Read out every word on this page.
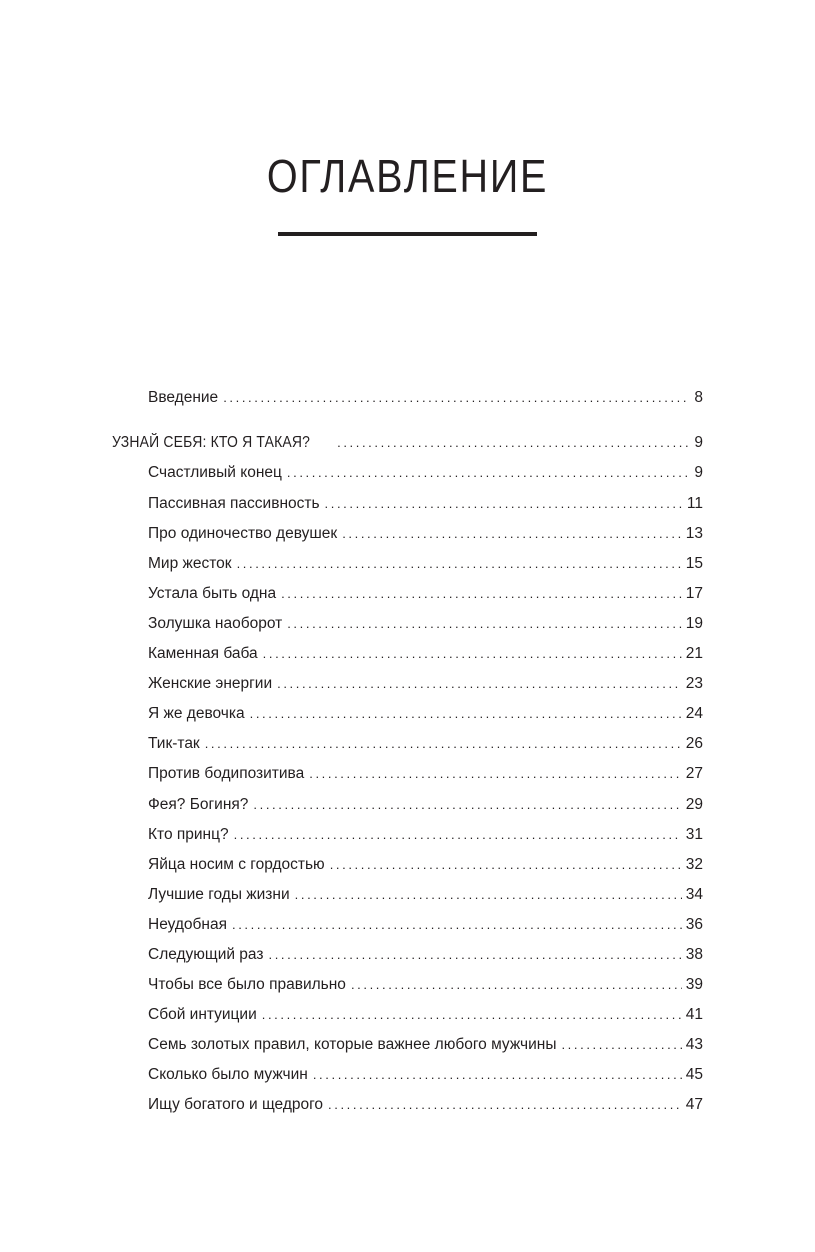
ОГЛАВЛЕНИЕ
Введение .....	8
УЗНАЙ СЕБЯ: КТО Я ТАКАЯ? .....	9
Счастливый конец .....	9
Пассивная пассивность .....	11
Про одиночество девушек .....	13
Мир жесток .....	15
Устала быть одна .....	17
Золушка наоборот .....	19
Каменная баба .....	21
Женские энергии .....	23
Я же девочка .....	24
Тик-так .....	26
Против бодипозитива .....	27
Фея? Богиня? .....	29
Кто принц? .....	31
Яйца носим с гордостью .....	32
Лучшие годы жизни .....	34
Неудобная .....	36
Следующий раз .....	38
Чтобы все было правильно .....	39
Сбой интуиции .....	41
Семь золотых правил, которые важнее любого мужчины .....	43
Сколько было мужчин .....	45
Ищу богатого и щедрого .....	47
